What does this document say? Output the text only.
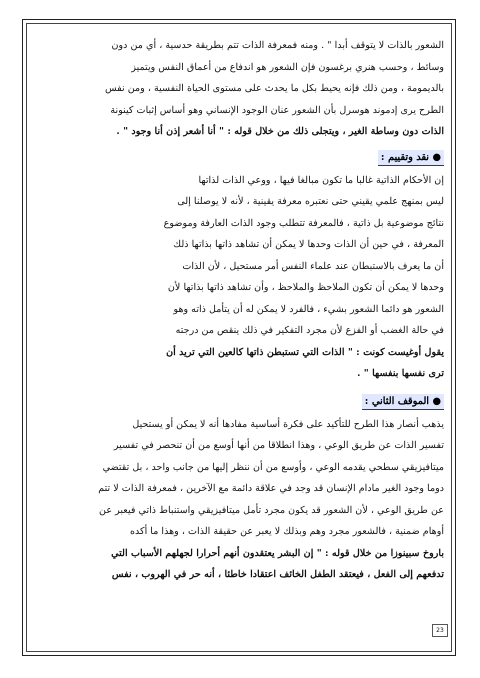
الشعور بالذات لا يتوقف أبدا " . ومنه فمعرفة الذات تتم بطريقة حدسية ، أي من دون

وسائط ، وحسب هنري برغسون فإن الشعور هو اندفاع من أعماق النفس ويتميز

بالديمومة ، ومن ذلك فإنه يحيط بكل ما يحدث على مستوى الحياة النفسية ، ومن نفس

الطرح يرى إدموند هوسرل بأن الشعور عنان الوجود الإنساني وهو أساس إثبات كينونة

الذات دون وساطة الغير ، ويتجلى ذلك من خلال قوله : " أنا أشعر إذن أنا وجود " .

● نقد وتقييم :

إن الأحكام الذاتية غالبا ما تكون مبالغا فيها ، ووعي الذات لذاتها

ليس بمنهج علمي يقيني حتى نعتبره معرفة يقينية ، لأنه لا يوصلنا إلى

نتائج موضوعية بل ذاتية ، فالمعرفة تتطلب وجود الذات العارفة وموضوع

المعرفة ، في حين أن الذات وحدها لا يمكن أن تشاهد ذاتها بذاتها ذلك

أن ما يعرف بالاستبطان عند علماء النفس أمر مستحيل ، لأن الذات

وحدها لا يمكن أن تكون الملاحظ والملاحظ ، وأن تشاهد ذاتها بذاتها لأن

الشعور هو دائما الشعور بشيء ، فالفرد لا يمكن له أن يتأمل ذاته وهو

في حالة الغضب أو الفزع لأن مجرد التفكير في ذلك ينقص من درجته

يقول أوغيست كونت : " الذات التي تستبطن ذاتها كالعين التي تريد أن

ترى نفسها بنفسها " .

● الموقف الثاني :

يذهب أنصار هذا الطرح للتأكيد على فكرة أساسية مفادها أنه لا يمكن أو يستحيل

تفسير الذات عن طريق الوعي ، وهذا انطلاقا من أنها أوسع من أن تنحصر في تفسير

ميتافيزيقي سطحي يقدمه الوعي ، وأوسع من أن ننظر إليها من جانب واحد ، بل تقتضي

دوما وجود الغير مادام الإنسان قد وجد في علاقة دائمة مع الآخرين ، فمعرفة الذات لا تتم

عن طريق الوعي ، لأن الشعور قد يكون مجرد تأمل ميتافيزيقي واستنباط ذاتي فيعبر عن

أوهام ضمنية ، فالشعور مجرد وهم وبذلك لا يعبر عن حقيقة الذات ، وهذا ما أكده

باروخ سبينوزا من خلال قوله : " إن البشر يعتقدون أنهم أحرارا لجهلهم الأسباب التي

تدفعهم إلى الفعل ، فيعتقد الطفل الخائف اعتقادا خاطئا ، أنه حر في الهروب ، نفس

23
